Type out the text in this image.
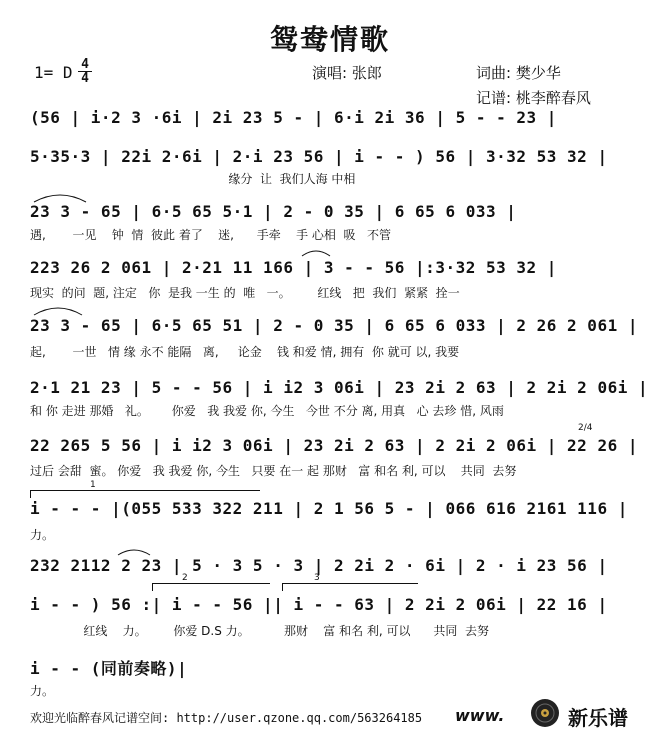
鸳鸯情歌
1= D 4
4	演唱: 张郎	词曲: 樊少华
记谱: 桃李醉春风
(56 | i·2 3 ·6i | 2i 23 5 - | 6·i 2i 36 | 5 - - 23 |
5·35·3 | 22i 2·6i | 2·i 23 56 | i - - ) 56 | 3·32 53 32 |
缘分  让  我们人海 中相
23 3 - 65 | 6·5 65 5·1 | 2 - 0 35 | 6 65 6 033 |
遇,       一见    钟  情  彼此 着了    迷,      手牵    手 心相  吸   不管
223 26 2 061 | 2·21 11 166 | 3 - - 56 |:3·32 53 32 |
现实  的问  题, 注定   你  是我 一生 的  唯   一。       红线   把  我们  紧紧  拴一
23 3 - 65 | 6·5 65 51 | 2 - 0 35 | 6 65 6 033 | 2 26 2 061 |
起,       一世   情 缘 永不 能隔   离,     论金    钱 和爱 情, 拥有  你 就可 以, 我要
2·1 21 23 | 5 - - 56 | i i2 3 06i | 23 2i 2 63 | 2 2i 2 06i |
和 你 走进 那婚   礼。      你爱   我 我爱 你, 今生   今世 不分 离, 用真   心 去珍 惜, 风雨
22 265 5 56 | i i2 3 06i | 23 2i 2 63 | 2 2i 2 06i | 22 26 |
过后 会甜  蜜。 你爱   我 我爱 你, 今生   只要 在一 起 那财   富 和名 利, 可以    共同  去努
2/4
1
i - - - |(055 533 322 211 | 2 1 56 5 - | 066 616 2161 116 |
力。
232 2112 2 23 | 5 · 3 5 · 3 | 2 2i 2 · 6i | 2 · i 23 56 |
2	3
i - - ) 56 :| i - - 56 || i - - 63 | 2 2i 2 06i | 22 16 |
红线    力。       你爱 D.S 力。         那财    富 和名 利, 可以      共同  去努
i - - (同前奏略)|
力。
欢迎光临醉春风记谱空间: http://user.qzone.qq.com/563264185 www.	新乐谱
